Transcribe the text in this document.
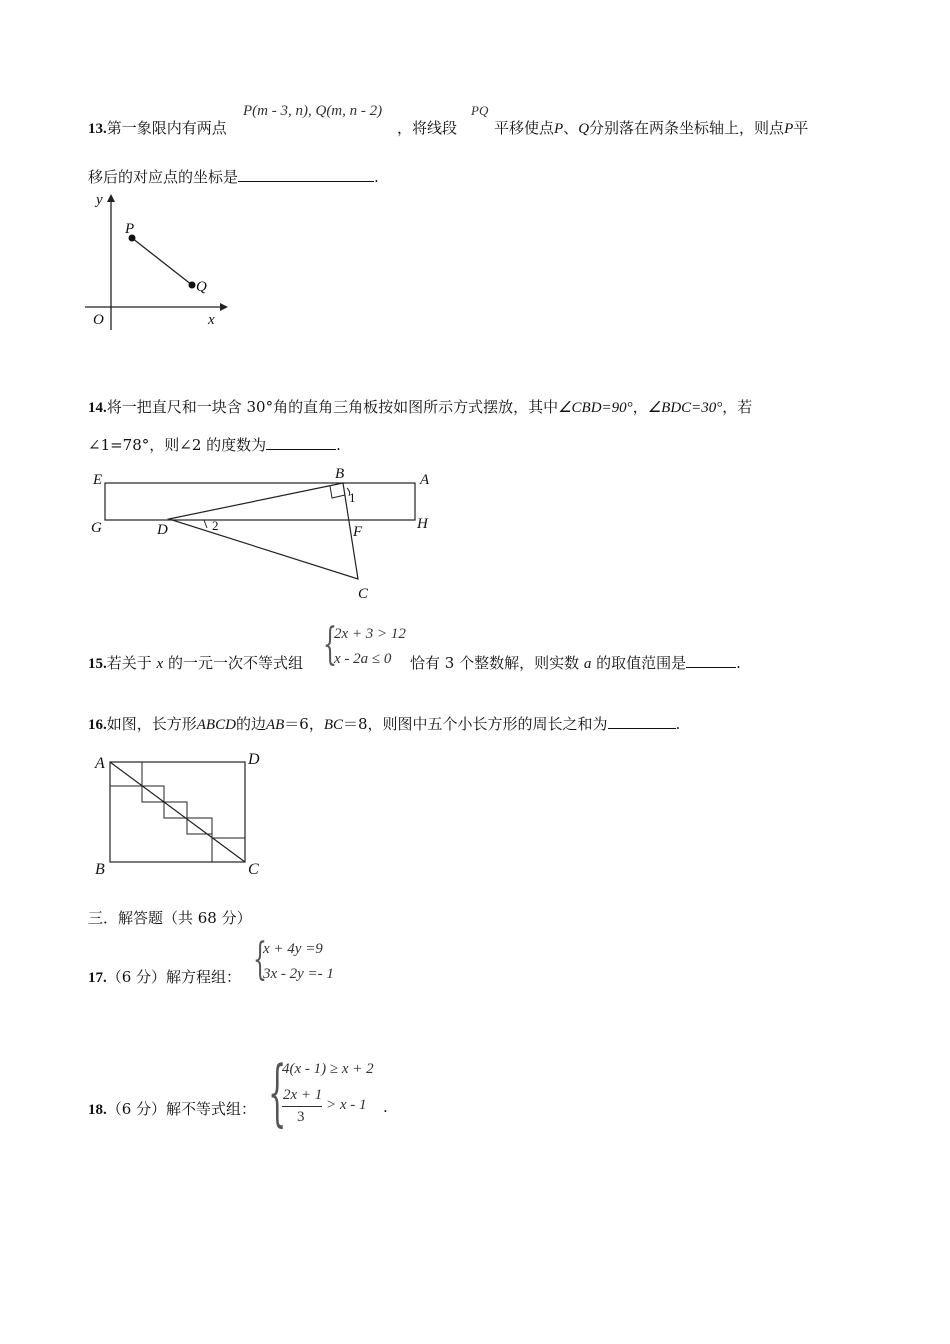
13.第一象限内有两点
P(m - 3, n), Q(m, n - 2)
，将线段
PQ
平移使点P、Q分别落在两条坐标轴上，则点P平
移后的对应点的坐标是	.
y
P
Q
O	x
14.将一把直尺和一块含 30°角的直角三角板按如图所示方式摆放，其中∠CBD=90°，∠BDC=30°，若
∠1=78°，则∠2 的度数为	.
E	B	A
1
G	D	2	F	H
C
15.若关于 x 的一元一次不等式组 {
2x + 3 > 12
x - 2a ≤ 0 恰有 3 个整数解，则实数 a 的取值范围是	.
16.如图，长方形ABCD的边AB＝6，BC＝8，则图中五个小长方形的周长之和为	.
A	D
B	C
三．解答题（共 68 分）
17.（6 分）解方程组： {
x + 4y =9
3x - 2y =- 1
18.（6 分）解不等式组： {
4(x - 1) ≥ x + 2
2x + 1
3
> x - 1 .
